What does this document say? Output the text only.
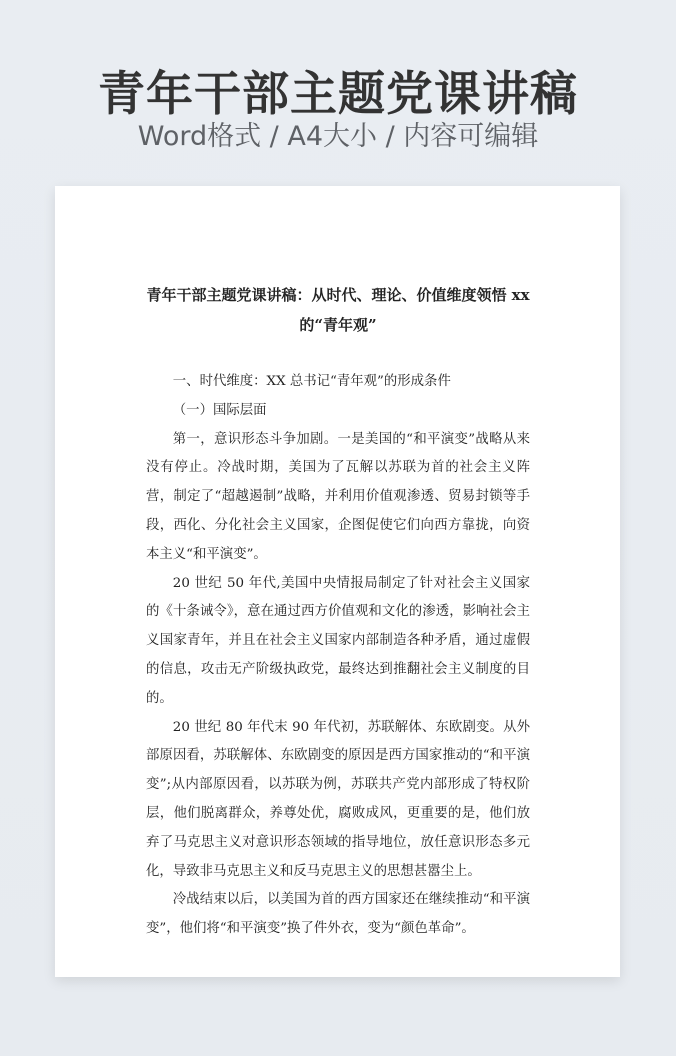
青年干部主题党课讲稿
Word格式 / A4大小 / 内容可编辑
青年干部主题党课讲稿：从时代、理论、价值维度领悟 xx 的“青年观”

一、时代维度：XX 总书记“青年观”的形成条件

（一）国际层面

第一，意识形态斗争加剧。一是美国的“和平演变”战略从来没有停止。冷战时期，美国为了瓦解以苏联为首的社会主义阵营，制定了“超越遏制”战略，并利用价值观渗透、贸易封锁等手段，西化、分化社会主义国家，企图促使它们向西方靠拢，向资本主义“和平演变”。

20 世纪 50 年代,美国中央情报局制定了针对社会主义国家的《十条诫令》，意在通过西方价值观和文化的渗透，影响社会主义国家青年，并且在社会主义国家内部制造各种矛盾，通过虚假的信息，攻击无产阶级执政党，最终达到推翻社会主义制度的目的。

20 世纪 80 年代末 90 年代初，苏联解体、东欧剧变。从外部原因看，苏联解体、东欧剧变的原因是西方国家推动的“和平演变”;从内部原因看，以苏联为例，苏联共产党内部形成了特权阶层，他们脱离群众，养尊处优，腐败成风，更重要的是，他们放弃了马克思主义对意识形态领域的指导地位，放任意识形态多元化，导致非马克思主义和反马克思主义的思想甚嚣尘上。

冷战结束以后，以美国为首的西方国家还在继续推动“和平演变”，他们将“和平演变”换了件外衣，变为“颜色革命”。
